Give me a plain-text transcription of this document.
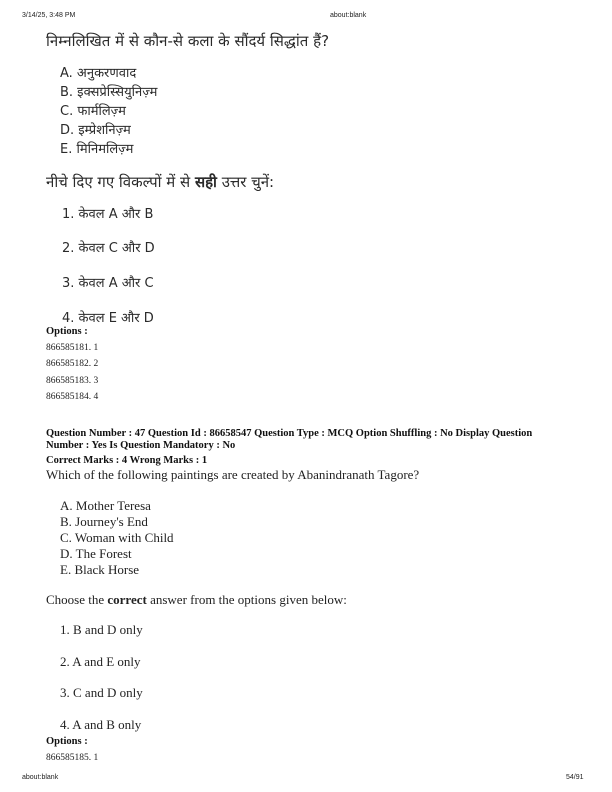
3/14/25, 3:48 PM	about:blank
निम्नलिखित में से कौन-से कला के सौंदर्य सिद्धांत हैं?
A. अनुकरणवाद
B. इक्सप्रेस्सियुनिज़्म
C. फार्मलिज़्म
D. इम्प्रेशनिज़्म
E. मिनिमलिज़्म
नीचे दिए गए विकल्पों में से सही उत्तर चुनें:
1. केवल A और B
2. केवल C और D
3. केवल A और C
4. केवल E और D
Options :
866585181. 1
866585182. 2
866585183. 3
866585184. 4
Question Number : 47 Question Id : 86658547 Question Type : MCQ Option Shuffling : No Display Question
Number : Yes Is Question Mandatory : No
Correct Marks : 4 Wrong Marks : 1
Which of the following paintings are created by Abanindranath Tagore?
A. Mother Teresa
B. Journey's End
C. Woman with Child
D. The Forest
E. Black Horse
Choose the correct answer from the options given below:
1. B and D only
2. A and E only
3. C and D only
4. A and B only
Options :
866585185. 1
about:blank	54/91
